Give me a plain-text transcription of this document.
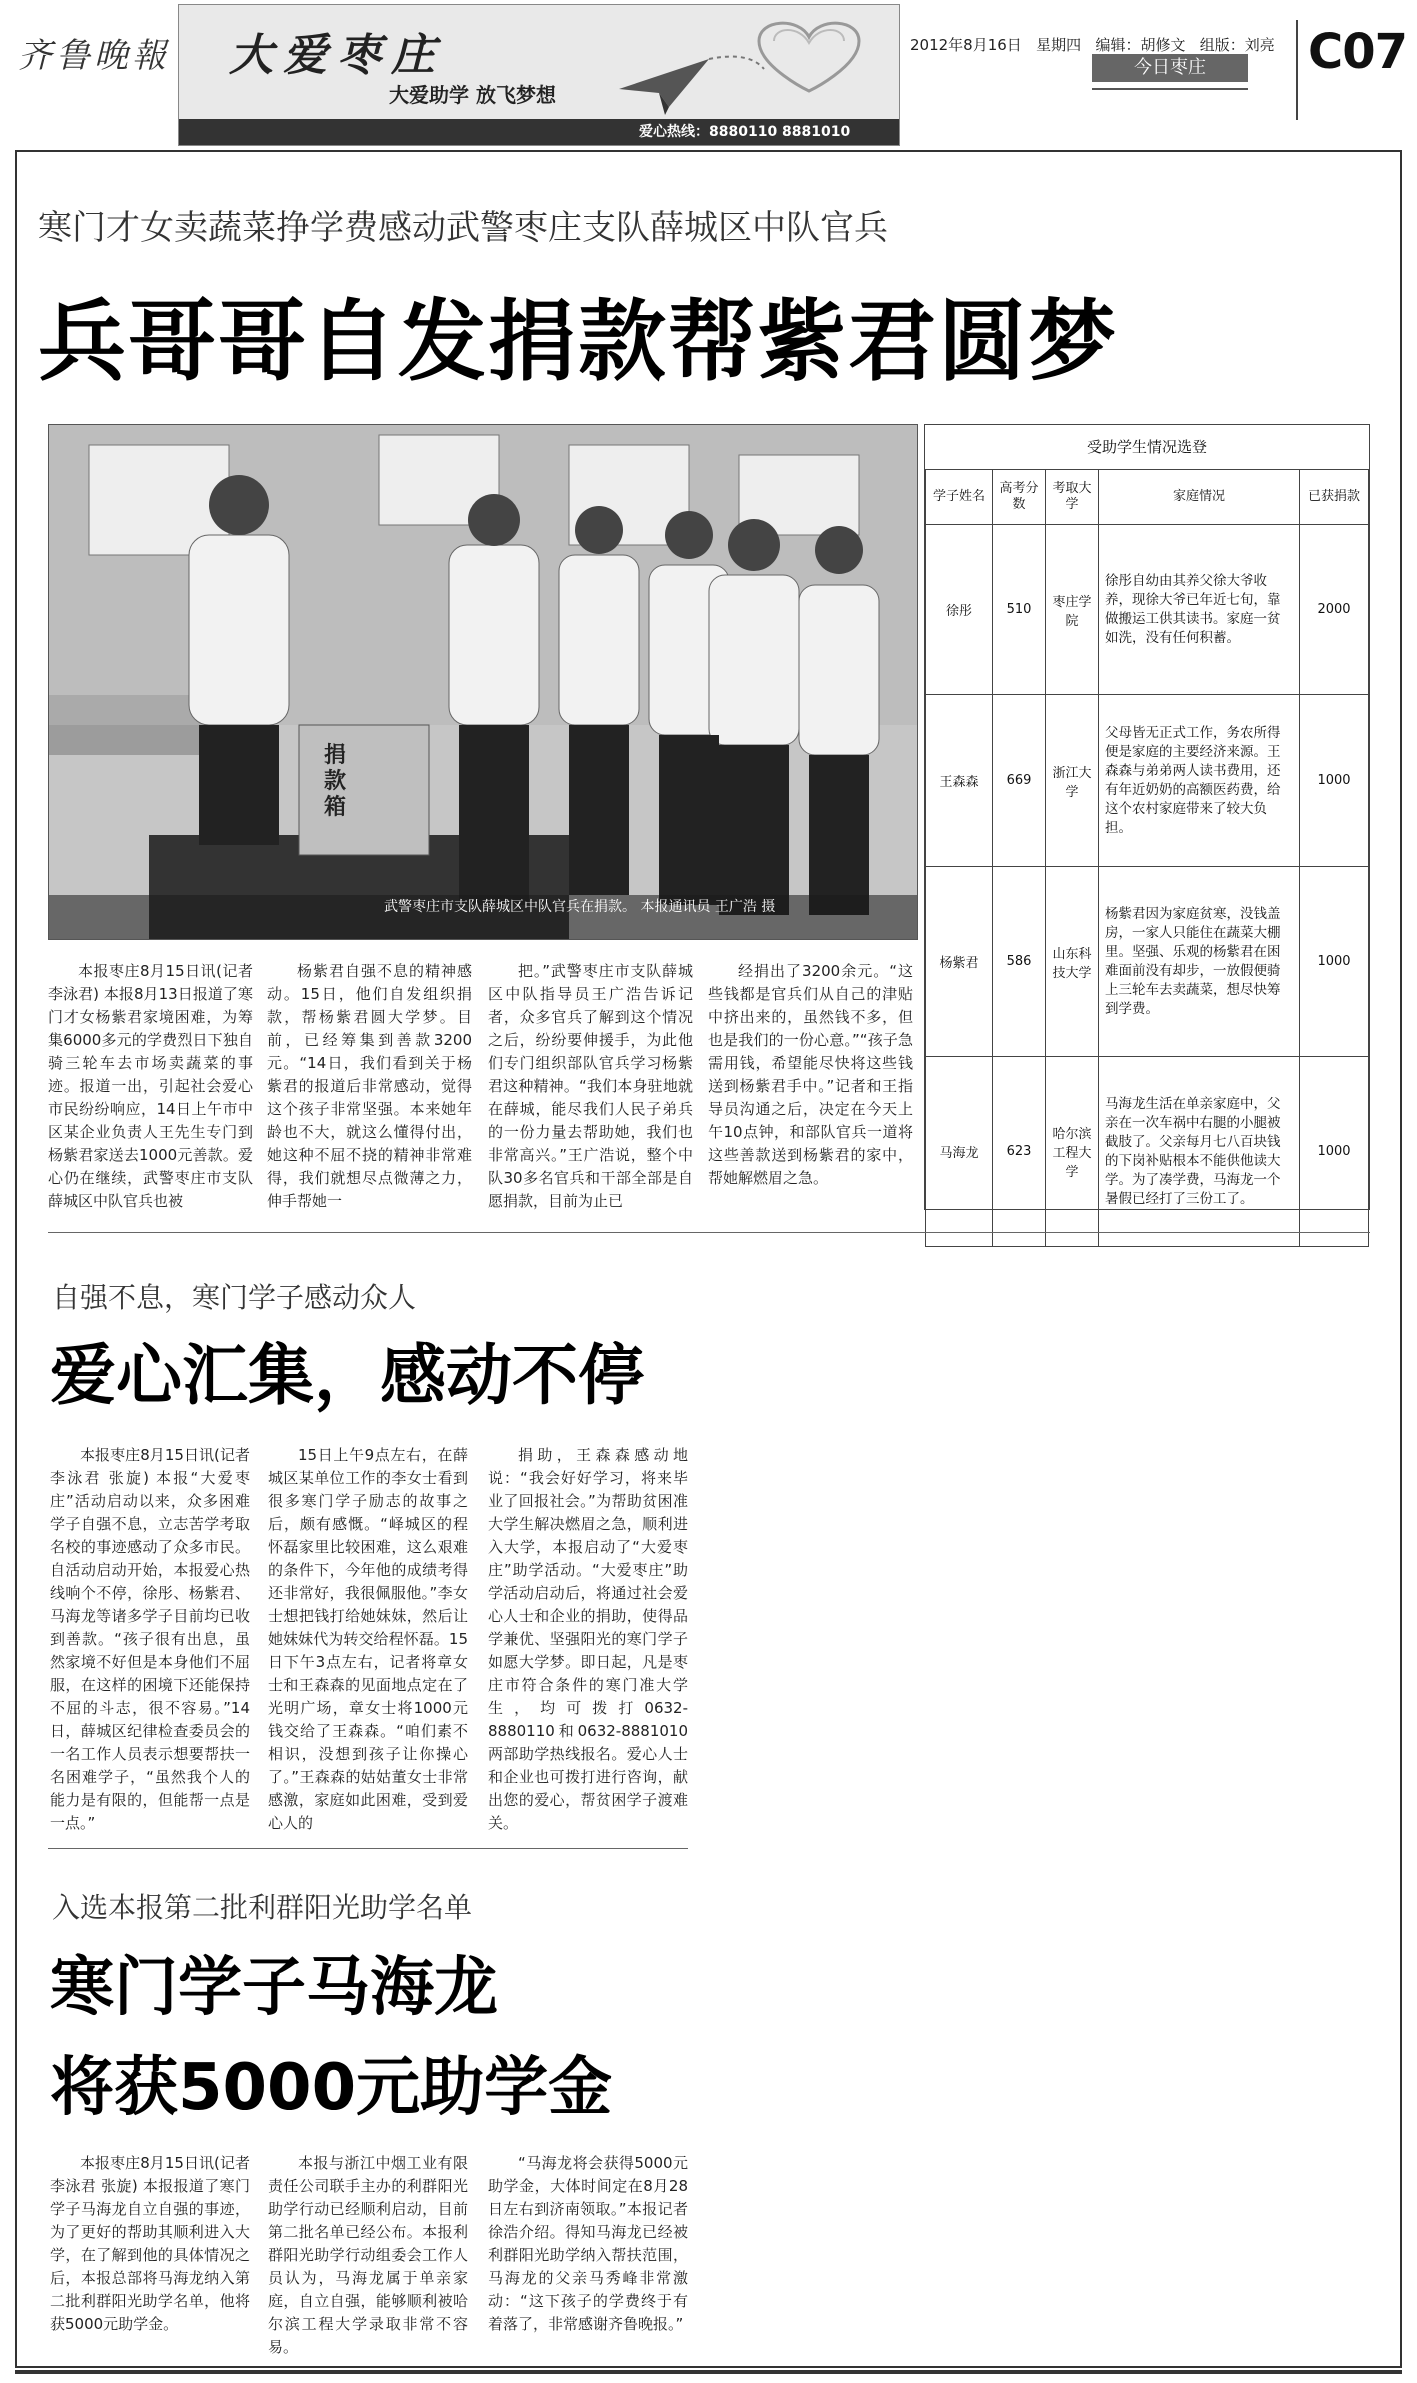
齐鲁晚報 大爱枣庄
大爱助学 放飞梦想
爱心热线：8880110 8881010
2012年8月16日 星期四 编辑：胡修文 组版：刘亮
今日枣庄	C07
寒门才女卖蔬菜挣学费感动武警枣庄支队薛城区中队官兵
兵哥哥自发捐款帮紫君圆梦
捐款箱
武警枣庄市支队薛城区中队官兵在捐款。 本报通讯员 王广浩 摄
本报枣庄8月15日讯(记者 李泳君) 本报8月13日报道了寒门才女杨紫君家境困难，为筹集6000多元的学费烈日下独自骑三轮车去市场卖蔬菜的事迹。报道一出，引起社会爱心市民纷纷响应，14日上午市中区某企业负责人王先生专门到杨紫君家送去1000元善款。爱心仍在继续，武警枣庄市支队薛城区中队官兵也被
杨紫君自强不息的精神感动。15日，他们自发组织捐款，帮杨紫君圆大学梦。目前，已经筹集到善款3200元。“14日，我们看到关于杨紫君的报道后非常感动，觉得这个孩子非常坚强。本来她年龄也不大，就这么懂得付出，她这种不屈不挠的精神非常难得，我们就想尽点微薄之力，伸手帮她一
把。”武警枣庄市支队薛城区中队指导员王广浩告诉记者，众多官兵了解到这个情况之后，纷纷要伸援手，为此他们专门组织部队官兵学习杨紫君这种精神。“我们本身驻地就在薛城，能尽我们人民子弟兵的一份力量去帮助她，我们也非常高兴。”王广浩说，整个中队30多名官兵和干部全部是自愿捐款，目前为止已
经捐出了3200余元。“这些钱都是官兵们从自己的津贴中挤出来的，虽然钱不多，但也是我们的一份心意。”“孩子急需用钱，希望能尽快将这些钱送到杨紫君手中。”记者和王指导员沟通之后，决定在今天上午10点钟，和部队官兵一道将这些善款送到杨紫君的家中，帮她解燃眉之急。
受助学生情况选登
学子姓名	高考分数	考取大学	家庭情况	已获捐款
徐彤	510	枣庄学院	徐彤自幼由其养父徐大爷收养，现徐大爷已年近七旬，靠做搬运工供其读书。家庭一贫如洗，没有任何积蓄。	2000
王森森	669	浙江大学	父母皆无正式工作，务农所得便是家庭的主要经济来源。王森森与弟弟两人读书费用，还有年近奶奶的高额医药费，给这个农村家庭带来了较大负担。	1000
杨紫君	586	山东科技大学	杨紫君因为家庭贫寒，没钱盖房，一家人只能住在蔬菜大棚里。坚强、乐观的杨紫君在困难面前没有却步，一放假便骑上三轮车去卖蔬菜，想尽快筹到学费。	1000
马海龙	623	哈尔滨工程大学	马海龙生活在单亲家庭中，父亲在一次车祸中右腿的小腿被截肢了。父亲每月七八百块钱的下岗补贴根本不能供他读大学。为了凑学费，马海龙一个暑假已经打了三份工了。	1000
自强不息，寒门学子感动众人
爱心汇集，感动不停
本报枣庄8月15日讯(记者 李泳君 张旋) 本报“大爱枣庄”活动启动以来，众多困难学子自强不息，立志苦学考取名校的事迹感动了众多市民。自活动启动开始，本报爱心热线响个不停，徐彤、杨紫君、马海龙等诸多学子目前均已收到善款。“孩子很有出息，虽然家境不好但是本身他们不屈服，在这样的困境下还能保持不屈的斗志，很不容易。”14日，薛城区纪律检查委员会的一名工作人员表示想要帮扶一名困难学子，“虽然我个人的能力是有限的，但能帮一点是一点。”
15日上午9点左右，在薛城区某单位工作的李女士看到很多寒门学子励志的故事之后，颇有感慨。“峄城区的程怀磊家里比较困难，这么艰难的条件下，今年他的成绩考得还非常好，我很佩服他。”李女士想把钱打给她妹妹，然后让她妹妹代为转交给程怀磊。15日下午3点左右，记者将章女士和王森森的见面地点定在了光明广场，章女士将1000元钱交给了王森森。“咱们素不相识，没想到孩子让你操心了。”王森森的姑姑董女士非常感激，家庭如此困难，受到爱心人的
捐助，王森森感动地说：“我会好好学习，将来毕业了回报社会。”为帮助贫困准大学生解决燃眉之急，顺利进入大学，本报启动了“大爱枣庄”助学活动。“大爱枣庄”助学活动启动后，将通过社会爱心人士和企业的捐助，使得品学兼优、坚强阳光的寒门学子如愿大学梦。即日起，凡是枣庄市符合条件的寒门准大学生，均可拨打0632-8880110和0632-8881010两部助学热线报名。爱心人士和企业也可拨打进行咨询，献出您的爱心，帮贫困学子渡难关。
入选本报第二批利群阳光助学名单
寒门学子马海龙
将获5000元助学金
本报枣庄8月15日讯(记者 李泳君 张旋) 本报报道了寒门学子马海龙自立自强的事迹，为了更好的帮助其顺利进入大学，在了解到他的具体情况之后，本报总部将马海龙纳入第二批利群阳光助学名单，他将获5000元助学金。
本报与浙江中烟工业有限责任公司联手主办的利群阳光助学行动已经顺利启动，目前第二批名单已经公布。本报利群阳光助学行动组委会工作人员认为，马海龙属于单亲家庭，自立自强，能够顺利被哈尔滨工程大学录取非常不容易。
“马海龙将会获得5000元助学金，大体时间定在8月28日左右到济南领取。”本报记者徐浩介绍。得知马海龙已经被利群阳光助学纳入帮扶范围，马海龙的父亲马秀峰非常激动：“这下孩子的学费终于有着落了，非常感谢齐鲁晚报。”
